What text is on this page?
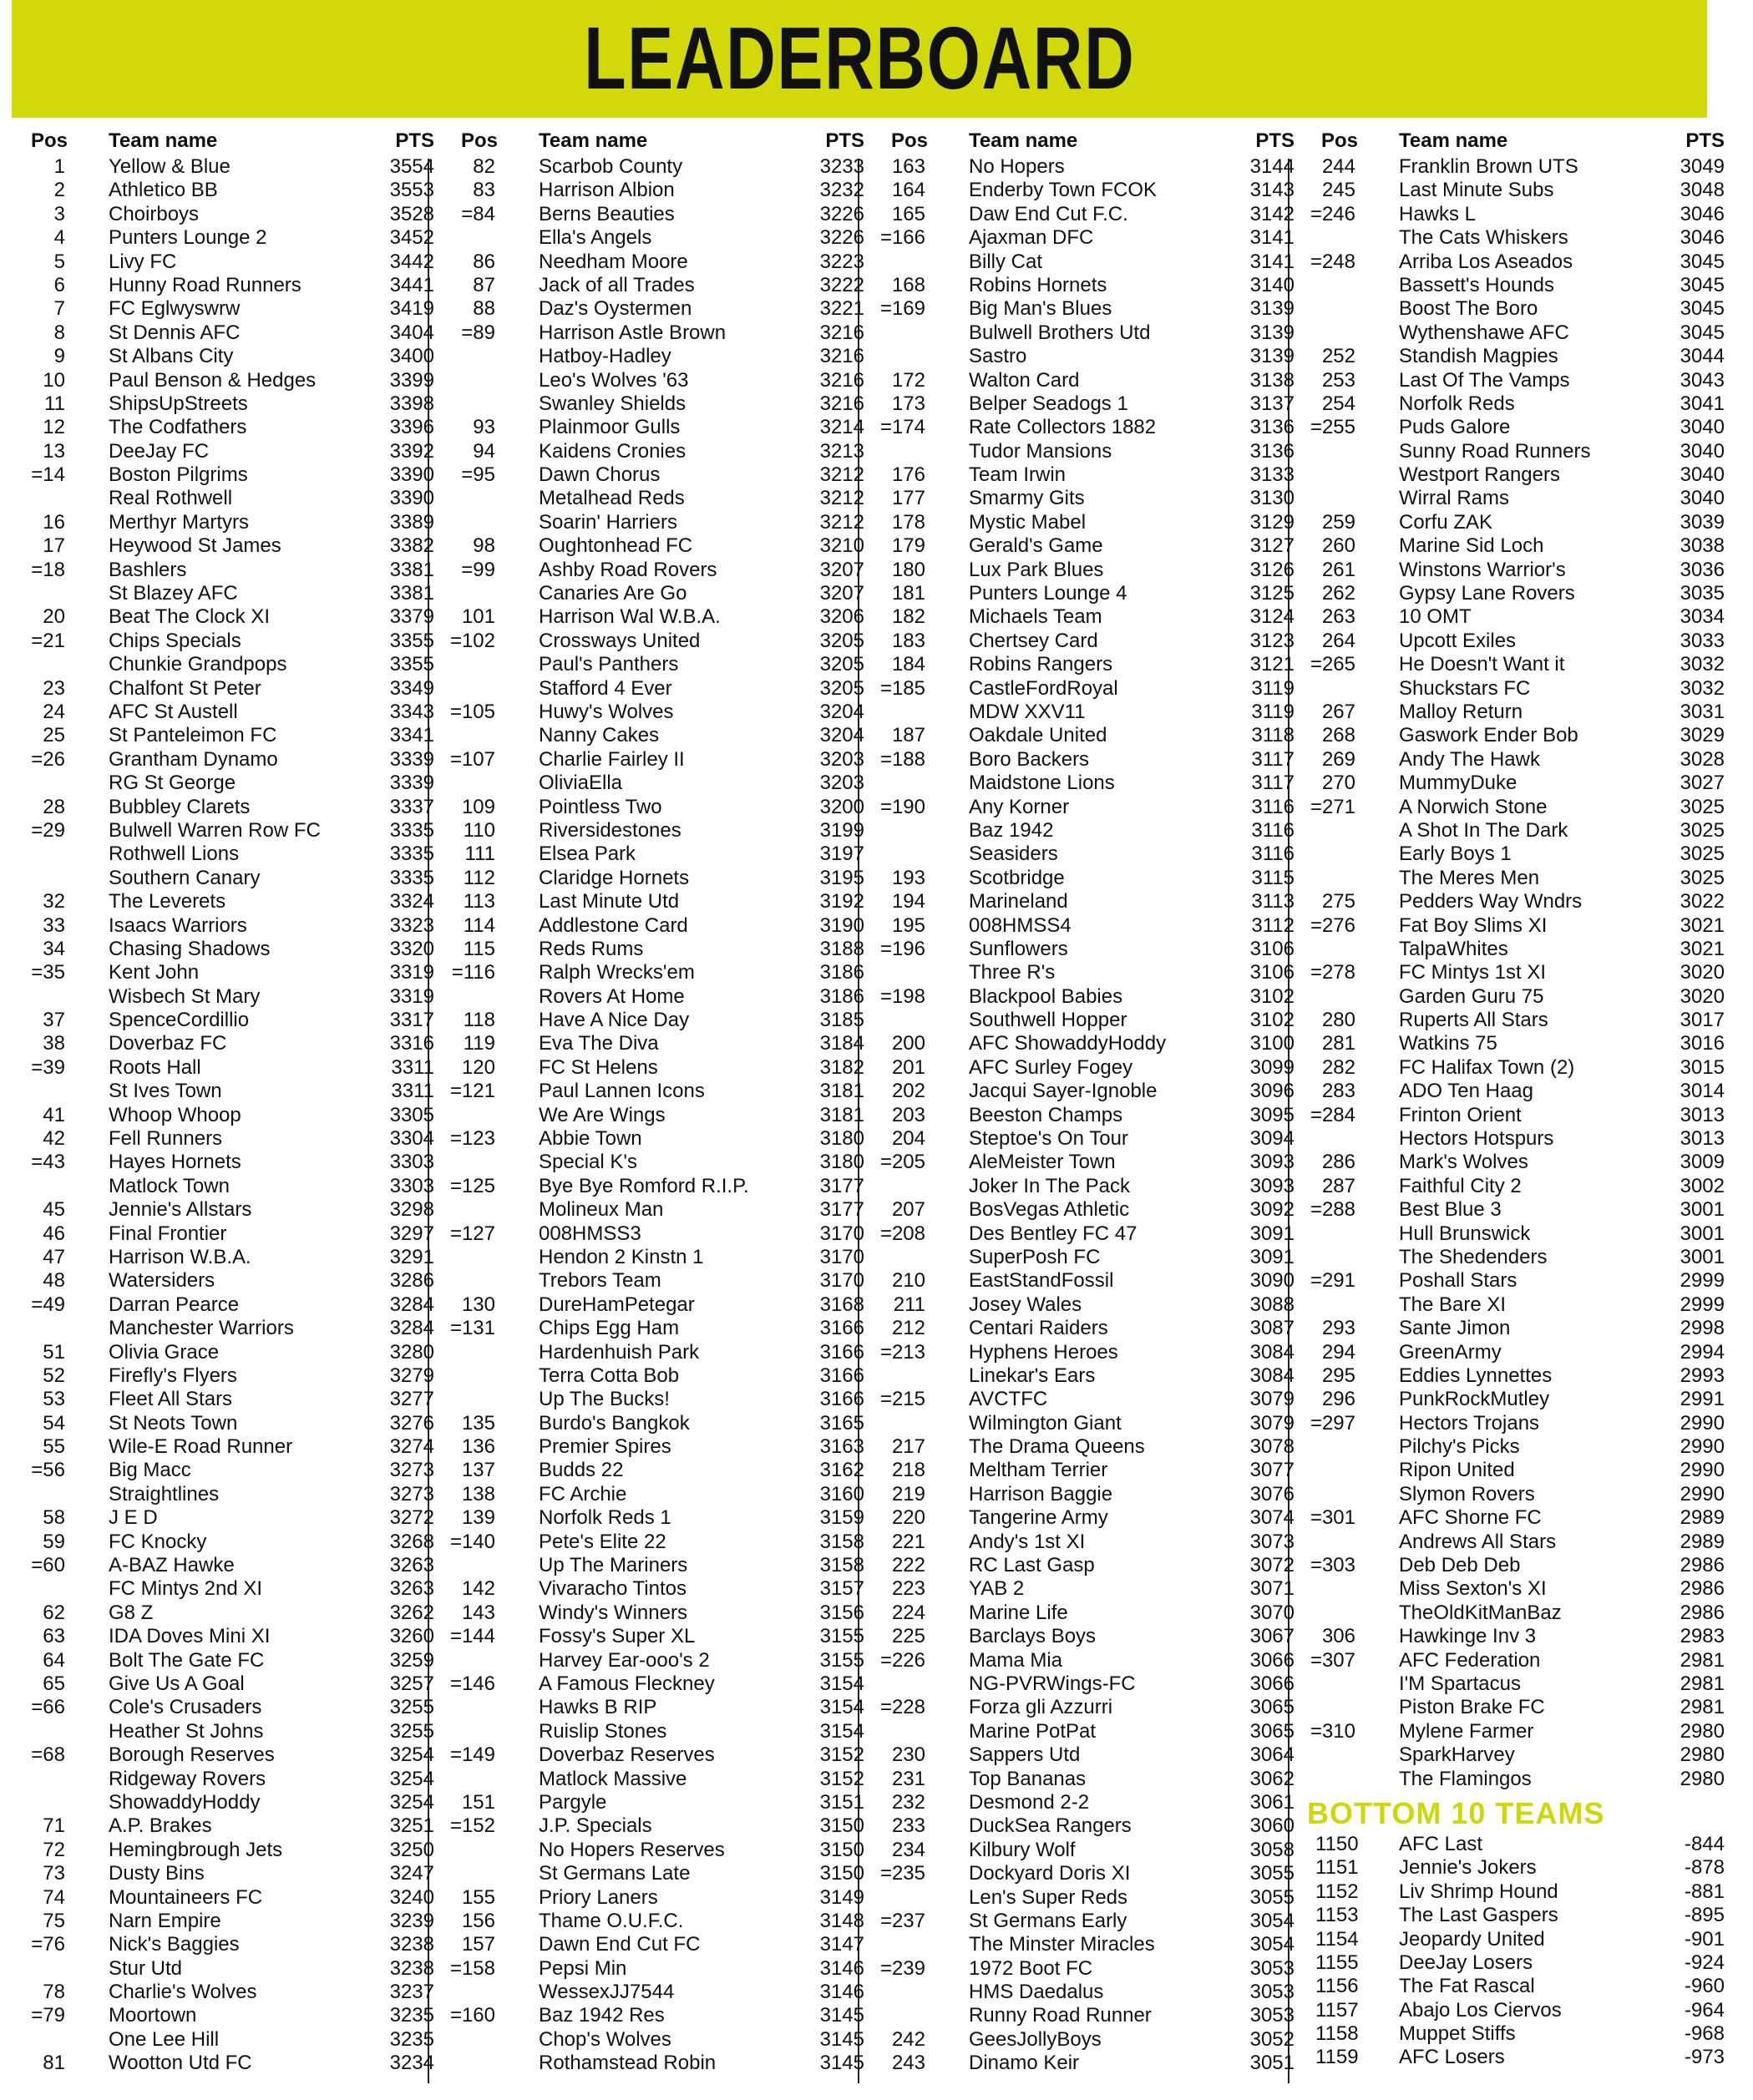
LEADERBOARD
Pos	Team name	PTS
1 Yellow & Blue	3554
2 Athletico BB	3553
3 Choirboys	3528
4 Punters Lounge 2	3452
5 Livy FC	3442
6 Hunny Road Runners	3441
7 FC Eglwyswrw	3419
8 St Dennis AFC	3404
9 St Albans City	3400
10 Paul Benson & Hedges	3399
11 ShipsUpStreets	3398
12 The Codfathers	3396
13 DeeJay FC	3392
=14 Boston Pilgrims	3390
Real Rothwell	3390
16 Merthyr Martyrs	3389
17 Heywood St James	3382
=18 Bashlers	3381
St Blazey AFC	3381
20 Beat The Clock XI	3379
=21 Chips Specials	3355
Chunkie Grandpops	3355
23 Chalfont St Peter	3349
24 AFC St Austell	3343
25 St Panteleimon FC	3341
=26 Grantham Dynamo	3339
RG St George	3339
28 Bubbley Clarets	3337
=29 Bulwell Warren Row FC	3335
Rothwell Lions	3335
Southern Canary	3335
32 The Leverets	3324
33 Isaacs Warriors	3323
34 Chasing Shadows	3320
=35 Kent John	3319
Wisbech St Mary	3319
37 SpenceCordillio	3317
38 Doverbaz FC	3316
=39 Roots Hall	3311
St Ives Town	3311
41 Whoop Whoop	3305
42 Fell Runners	3304
=43 Hayes Hornets	3303
Matlock Town	3303
45 Jennie's Allstars	3298
46 Final Frontier	3297
47 Harrison W.B.A.	3291
48 Watersiders	3286
=49 Darran Pearce	3284
Manchester Warriors	3284
51 Olivia Grace	3280
52 Firefly's Flyers	3279
53 Fleet All Stars	3277
54 St Neots Town	3276
55 Wile-E Road Runner	3274
=56 Big Macc	3273
Straightlines	3273
58 J E D	3272
59 FC Knocky	3268
=60 A-BAZ Hawke	3263
FC Mintys 2nd XI	3263
62 G8 Z	3262
63 IDA Doves Mini XI	3260
64 Bolt The Gate FC	3259
65 Give Us A Goal	3257
=66 Cole's Crusaders	3255
Heather St Johns	3255
=68 Borough Reserves	3254
Ridgeway Rovers	3254
ShowaddyHoddy	3254
71 A.P. Brakes	3251
72 Hemingbrough Jets	3250
73 Dusty Bins	3247
74 Mountaineers FC	3240
75 Narn Empire	3239
=76 Nick's Baggies	3238
Stur Utd	3238
78 Charlie's Wolves	3237
=79 Moortown	3235
One Lee Hill	3235
81 Wootton Utd FC	3234
Pos	Team name	PTS
82 Scarbob County	3233
83 Harrison Albion	3232
=84 Berns Beauties	3226
Ella's Angels	3226
86 Needham Moore	3223
87 Jack of all Trades	3222
88 Daz's Oystermen	3221
=89 Harrison Astle Brown	3216
Hatboy-Hadley	3216
Leo's Wolves '63	3216
Swanley Shields	3216
93 Plainmoor Gulls	3214
94 Kaidens Cronies	3213
=95 Dawn Chorus	3212
Metalhead Reds	3212
Soarin' Harriers	3212
98 Oughtonhead FC	3210
=99 Ashby Road Rovers	3207
Canaries Are Go	3207
101 Harrison Wal W.B.A.	3206
=102 Crossways United	3205
Paul's Panthers	3205
Stafford 4 Ever	3205
=105 Huwy's Wolves	3204
Nanny Cakes	3204
=107 Charlie Fairley II	3203
OliviaElla	3203
109 Pointless Two	3200
110 Riversidestones	3199
111 Elsea Park	3197
112 Claridge Hornets	3195
113 Last Minute Utd	3192
114 Addlestone Card	3190
115 Reds Rums	3188
=116 Ralph Wrecks'em	3186
Rovers At Home	3186
118 Have A Nice Day	3185
119 Eva The Diva	3184
120 FC St Helens	3182
=121 Paul Lannen Icons	3181
We Are Wings	3181
=123 Abbie Town	3180
Special K's	3180
=125 Bye Bye Romford R.I.P.	3177
Molineux Man	3177
=127 008HMSS3	3170
Hendon 2 Kinstn 1	3170
Trebors Team	3170
130 DureHamPetegar	3168
=131 Chips Egg Ham	3166
Hardenhuish Park	3166
Terra Cotta Bob	3166
Up The Bucks!	3166
135 Burdo's Bangkok	3165
136 Premier Spires	3163
137 Budds 22	3162
138 FC Archie	3160
139 Norfolk Reds 1	3159
=140 Pete's Elite 22	3158
Up The Mariners	3158
142 Vivaracho Tintos	3157
143 Windy's Winners	3156
=144 Fossy's Super XL	3155
Harvey Ear-ooo's 2	3155
=146 A Famous Fleckney	3154
Hawks B RIP	3154
Ruislip Stones	3154
=149 Doverbaz Reserves	3152
Matlock Massive	3152
151 Pargyle	3151
=152 J.P. Specials	3150
No Hopers Reserves	3150
St Germans Late	3150
155 Priory Laners	3149
156 Thame O.U.F.C.	3148
157 Dawn End Cut FC	3147
=158 Pepsi Min	3146
WessexJJ7544	3146
=160 Baz 1942 Res	3145
Chop's Wolves	3145
Rothamstead Robin	3145
Pos	Team name	PTS
163 No Hopers	3144
164 Enderby Town FCOK	3143
165 Daw End Cut F.C.	3142
=166 Ajaxman DFC	3141
Billy Cat	3141
168 Robins Hornets	3140
=169 Big Man's Blues	3139
Bulwell Brothers Utd	3139
Sastro	3139
172 Walton Card	3138
173 Belper Seadogs 1	3137
=174 Rate Collectors 1882	3136
Tudor Mansions	3136
176 Team Irwin	3133
177 Smarmy Gits	3130
178 Mystic Mabel	3129
179 Gerald's Game	3127
180 Lux Park Blues	3126
181 Punters Lounge 4	3125
182 Michaels Team	3124
183 Chertsey Card	3123
184 Robins Rangers	3121
=185 CastleFordRoyal	3119
MDW XXV11	3119
187 Oakdale United	3118
=188 Boro Backers	3117
Maidstone Lions	3117
=190 Any Korner	3116
Baz 1942	3116
Seasiders	3116
193 Scotbridge	3115
194 Marineland	3113
195 008HMSS4	3112
=196 Sunflowers	3106
Three R's	3106
=198 Blackpool Babies	3102
Southwell Hopper	3102
200 AFC ShowaddyHoddy	3100
201 AFC Surley Fogey	3099
202 Jacqui Sayer-Ignoble	3096
203 Beeston Champs	3095
204 Steptoe's On Tour	3094
=205 AleMeister Town	3093
Joker In The Pack	3093
207 BosVegas Athletic	3092
=208 Des Bentley FC 47	3091
SuperPosh FC	3091
210 EastStandFossil	3090
211 Josey Wales	3088
212 Centari Raiders	3087
=213 Hyphens Heroes	3084
Linekar's Ears	3084
=215 AVCTFC	3079
Wilmington Giant	3079
217 The Drama Queens	3078
218 Meltham Terrier	3077
219 Harrison Baggie	3076
220 Tangerine Army	3074
221 Andy's 1st XI	3073
222 RC Last Gasp	3072
223 YAB 2	3071
224 Marine Life	3070
225 Barclays Boys	3067
=226 Mama Mia	3066
NG-PVRWings-FC	3066
=228 Forza gli Azzurri	3065
Marine PotPat	3065
230 Sappers Utd	3064
231 Top Bananas	3062
232 Desmond 2-2	3061
233 DuckSea Rangers	3060
234 Kilbury Wolf	3058
=235 Dockyard Doris XI	3055
Len's Super Reds	3055
=237 St Germans Early	3054
The Minster Miracles	3054
=239 1972 Boot FC	3053
HMS Daedalus	3053
Runny Road Runner	3053
242 GeesJollyBoys	3052
243 Dinamo Keir	3051
Pos	Team name	PTS
244 Franklin Brown UTS	3049
245 Last Minute Subs	3048
=246 Hawks L	3046
The Cats Whiskers	3046
=248 Arriba Los Aseados	3045
Bassett's Hounds	3045
Boost The Boro	3045
Wythenshawe AFC	3045
252 Standish Magpies	3044
253 Last Of The Vamps	3043
254 Norfolk Reds	3041
=255 Puds Galore	3040
Sunny Road Runners	3040
Westport Rangers	3040
Wirral Rams	3040
259 Corfu ZAK	3039
260 Marine Sid Loch	3038
261 Winstons Warrior's	3036
262 Gypsy Lane Rovers	3035
263 10 OMT	3034
264 Upcott Exiles	3033
=265 He Doesn't Want it	3032
Shuckstars FC	3032
267 Malloy Return	3031
268 Gaswork Ender Bob	3029
269 Andy The Hawk	3028
270 MummyDuke	3027
=271 A Norwich Stone	3025
A Shot In The Dark	3025
Early Boys 1	3025
The Meres Men	3025
275 Pedders Way Wndrs	3022
=276 Fat Boy Slims XI	3021
TalpaWhites	3021
=278 FC Mintys 1st XI	3020
Garden Guru 75	3020
280 Ruperts All Stars	3017
281 Watkins 75	3016
282 FC Halifax Town (2)	3015
283 ADO Ten Haag	3014
=284 Frinton Orient	3013
Hectors Hotspurs	3013
286 Mark's Wolves	3009
287 Faithful City 2	3002
=288 Best Blue 3	3001
Hull Brunswick	3001
The Shedenders	3001
=291 Poshall Stars	2999
The Bare XI	2999
293 Sante Jimon	2998
294 GreenArmy	2994
295 Eddies Lynnettes	2993
296 PunkRockMutley	2991
=297 Hectors Trojans	2990
Pilchy's Picks	2990
Ripon United	2990
Slymon Rovers	2990
=301 AFC Shorne FC	2989
Andrews All Stars	2989
=303 Deb Deb Deb	2986
Miss Sexton's XI	2986
TheOldKitManBaz	2986
306 Hawkinge Inv 3	2983
=307 AFC Federation	2981
I'M Spartacus	2981
Piston Brake FC	2981
=310 Mylene Farmer	2980
SparkHarvey	2980
The Flamingos	2980
BOTTOM 10 TEAMS
1150	AFC Last	-844
1151	Jennie's Jokers	-878
1152	Liv Shrimp Hound	-881
1153	The Last Gaspers	-895
1154	Jeopardy United	-901
1155	DeeJay Losers	-924
1156	The Fat Rascal	-960
1157	Abajo Los Ciervos	-964
1158	Muppet Stiffs	-968
1159	AFC Losers	-973
